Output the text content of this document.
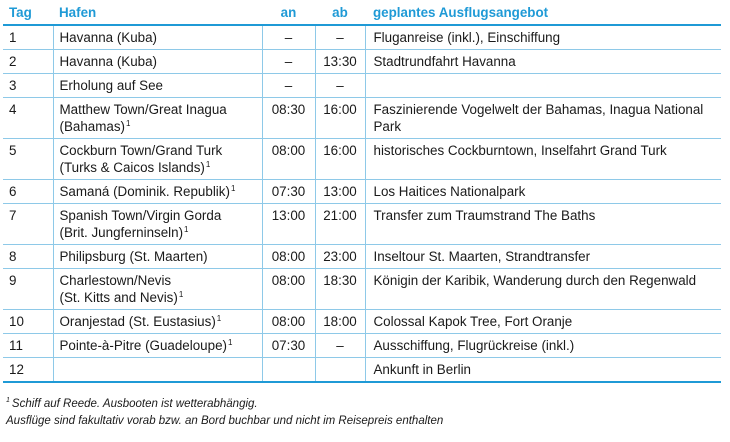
Tag	Hafen	an	ab	geplantes Ausflugsangebot
1	Havanna (Kuba)	–	–	Fluganreise (inkl.), Einschiffung
2	Havanna (Kuba)	–	13:30	Stadtrundfahrt Havanna
3	Erholung auf See	–	–	
4	Matthew Town/Great Inagua
(Bahamas)$^1$	08:30	16:00	Faszinierende Vogelwelt der Bahamas, Inagua National Park
5	Cockburn Town/Grand Turk
(Turks & Caicos Islands)$^1$	08:00	16:00	historisches Cockburntown, Inselfahrt Grand Turk
6	Samaná (Dominik. Republik)$^1$	07:30	13:00	Los Haitices Nationalpark
7	Spanish Town/Virgin Gorda
(Brit. Jungferninseln)$^1$	13:00	21:00	Transfer zum Traumstrand The Baths
8	Philipsburg (St. Maarten)	08:00	23:00	Inseltour St. Maarten, Strandtransfer
9	Charlestown/Nevis
(St. Kitts and Nevis)$^1$	08:00	18:30	Königin der Karibik, Wanderung durch den Regenwald
10	Oranjestad (St. Eustasius)$^1$	08:00	18:00	Colossal Kapok Tree, Fort Oranje
11	Pointe-à-Pitre (Guadeloupe)$^1$	07:30	–	Ausschiffung, Flugrückreise (inkl.)
12				Ankunft in Berlin
$^1$ Schiff auf Reede. Ausbooten ist wetterabhängig.
Ausflüge sind fakultativ vorab bzw. an Bord buchbar und nicht im Reisepreis enthalten
